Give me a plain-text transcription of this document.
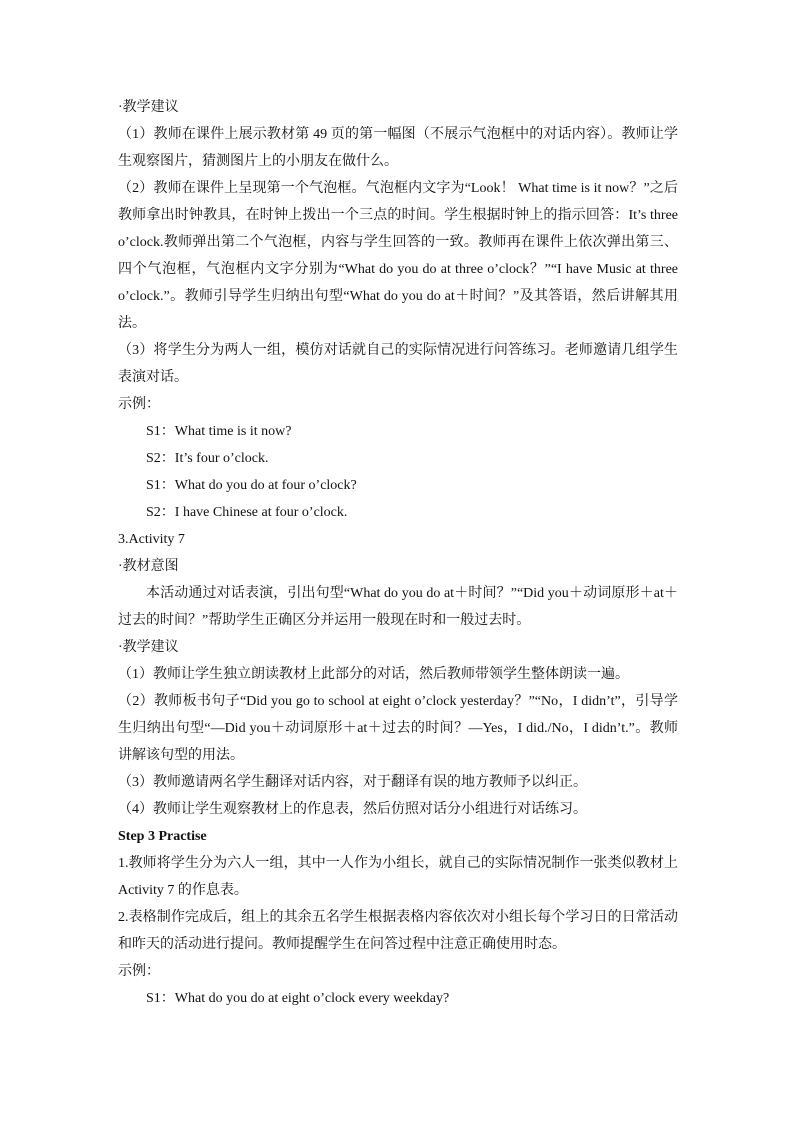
·教学建议

（1）教师在课件上展示教材第 49 页的第一幅图（不展示气泡框中的对话内容）。教师让学生观察图片，猜测图片上的小朋友在做什么。

（2）教师在课件上呈现第一个气泡框。气泡框内文字为“Look！ What time is it now？”之后教师拿出时钟教具，在时钟上拨出一个三点的时间。学生根据时钟上的指示回答：It’s three o’clock.教师弹出第二个气泡框，内容与学生回答的一致。教师再在课件上依次弹出第三、四个气泡框，气泡框内文字分别为“What do you do at three o’clock？”“I have Music at three o’clock.”。教师引导学生归纳出句型“What do you do at＋时间？”及其答语，然后讲解其用法。

（3）将学生分为两人一组，模仿对话就自己的实际情况进行问答练习。老师邀请几组学生表演对话。

示例：

S1：What time is it now?

S2：It’s four o’clock.

S1：What do you do at four o’clock?

S2：I have Chinese at four o’clock.

3.Activity 7

·教材意图

本活动通过对话表演，引出句型“What do you do at＋时间？”“Did you＋动词原形＋at＋过去的时间？”帮助学生正确区分并运用一般现在时和一般过去时。

·教学建议

（1）教师让学生独立朗读教材上此部分的对话，然后教师带领学生整体朗读一遍。

（2）教师板书句子“Did you go to school at eight o’clock yesterday？”“No，I didn’t”，引导学生归纳出句型“—Did you＋动词原形＋at＋过去的时间？—Yes，I did./No，I didn’t.”。教师讲解该句型的用法。

（3）教师邀请两名学生翻译对话内容，对于翻译有误的地方教师予以纠正。

（4）教师让学生观察教材上的作息表，然后仿照对话分小组进行对话练习。

Step 3 Practise

1.教师将学生分为六人一组，其中一人作为小组长，就自己的实际情况制作一张类似教材上Activity 7 的作息表。

2.表格制作完成后，组上的其余五名学生根据表格内容依次对小组长每个学习日的日常活动和昨天的活动进行提问。教师提醒学生在问答过程中注意正确使用时态。

示例：

S1：What do you do at eight o’clock every weekday?
